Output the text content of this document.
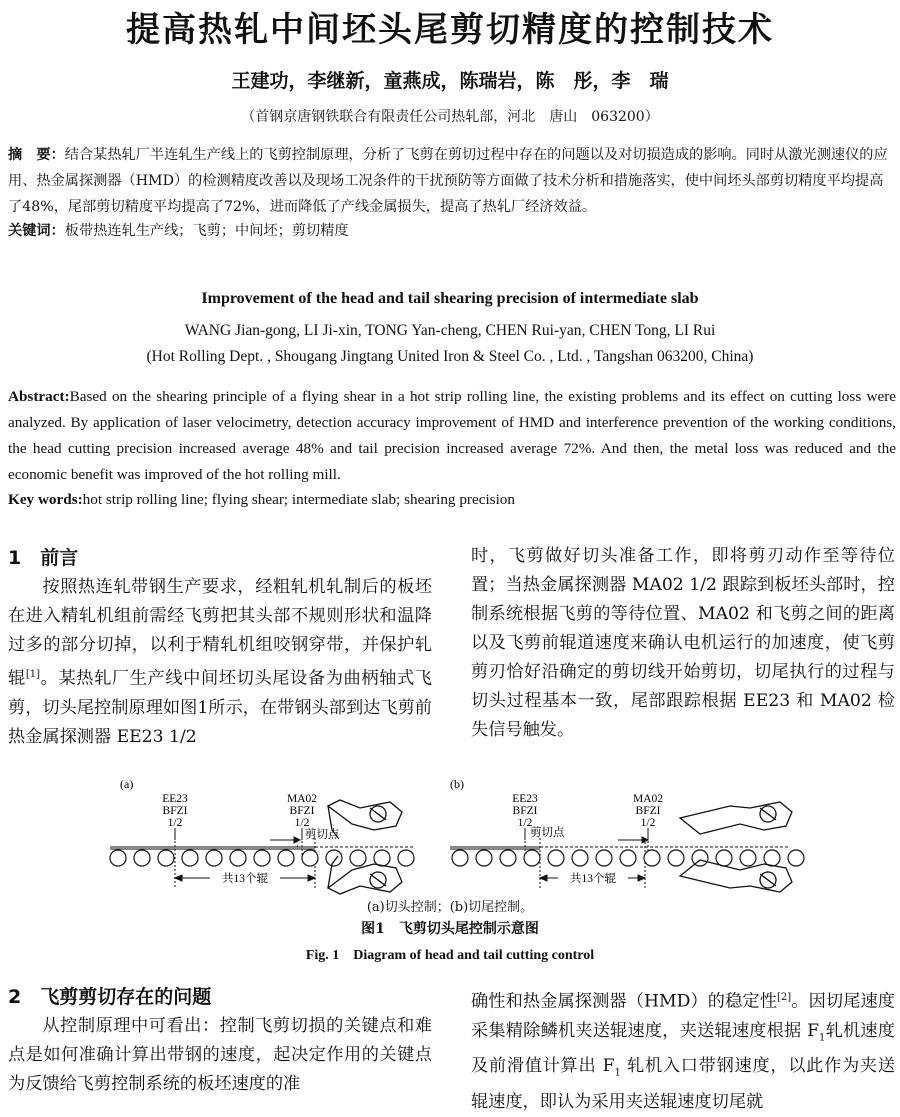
提高热轧中间坯头尾剪切精度的控制技术
王建功，李继新，童燕成，陈瑞岩，陈　彤，李　瑞
（首钢京唐钢铁联合有限责任公司热轧部，河北　唐山　063200）
摘　要：结合某热轧厂半连轧生产线上的飞剪控制原理，分析了飞剪在剪切过程中存在的问题以及对切损造成的影响。同时从激光测速仪的应用、热金属探测器（HMD）的检测精度改善以及现场工况条件的干扰预防等方面做了技术分析和措施落实，使中间坯头部剪切精度平均提高了48%，尾部剪切精度平均提高了72%，进而降低了产线金属损失，提高了热轧厂经济效益。
关键词：板带热连轧生产线；飞剪；中间坯；剪切精度
Improvement of the head and tail shearing precision of intermediate slab
WANG Jian-gong, LI Ji-xin, TONG Yan-cheng, CHEN Rui-yan, CHEN Tong, LI Rui
(Hot Rolling Dept. , Shougang Jingtang United Iron & Steel Co. , Ltd. , Tangshan 063200, China)
Abstract:Based on the shearing principle of a flying shear in a hot strip rolling line, the existing problems and its effect on cutting loss were analyzed. By application of laser velocimetry, detection accuracy improvement of HMD and interference prevention of the working conditions, the head cutting precision increased average 48% and tail precision increased average 72%. And then, the metal loss was reduced and the economic benefit was improved of the hot rolling mill.
Key words:hot strip rolling line; flying shear; intermediate slab; shearing precision
1　前言
按照热连轧带钢生产要求，经粗轧机轧制后的板坯在进入精轧机组前需经飞剪把其头部不规则形状和温降过多的部分切掉，以利于精轧机组咬钢穿带，并保护轧辊[1]。某热轧厂生产线中间坯切头尾设备为曲柄轴式飞剪，切头尾控制原理如图1所示，在带钢头部到达飞剪前热金属探测器 EE23 1/2
时，飞剪做好切头准备工作，即将剪刃动作至等待位置；当热金属探测器 MA02 1/2 跟踪到板坯头部时，控制系统根据飞剪的等待位置、MA02 和飞剪之间的距离以及飞剪前辊道速度来确认电机运行的加速度，使飞剪剪刃恰好沿确定的剪切线开始剪切，切尾执行的过程与切头过程基本一致，尾部跟踪根据 EE23 和 MA02 检失信号触发。
(a)	(b)
EE23
BFZI
1/2
MA02
BFZI
1/2
剪切点
EE23
BFZI
1/2
MA02
BFZI
1/2
剪切点
共13个辊	共13个辊
(a)切头控制；(b)切尾控制。
图1　飞剪切头尾控制示意图
Fig. 1　Diagram of head and tail cutting control
2　飞剪剪切存在的问题
从控制原理中可看出：控制飞剪切损的关键点和难点是如何准确计算出带钢的速度，起决定作用的关键点为反馈给飞剪控制系统的板坯速度的准
确性和热金属探测器（HMD）的稳定性[2]。因切尾速度采集精除鳞机夹送辊速度，夹送辊速度根据 $F_1$轧机速度及前滑值计算出 $F_1$ 轧机入口带钢速度，以此作为夹送辊速度，即认为采用夹送辊速度切尾就
